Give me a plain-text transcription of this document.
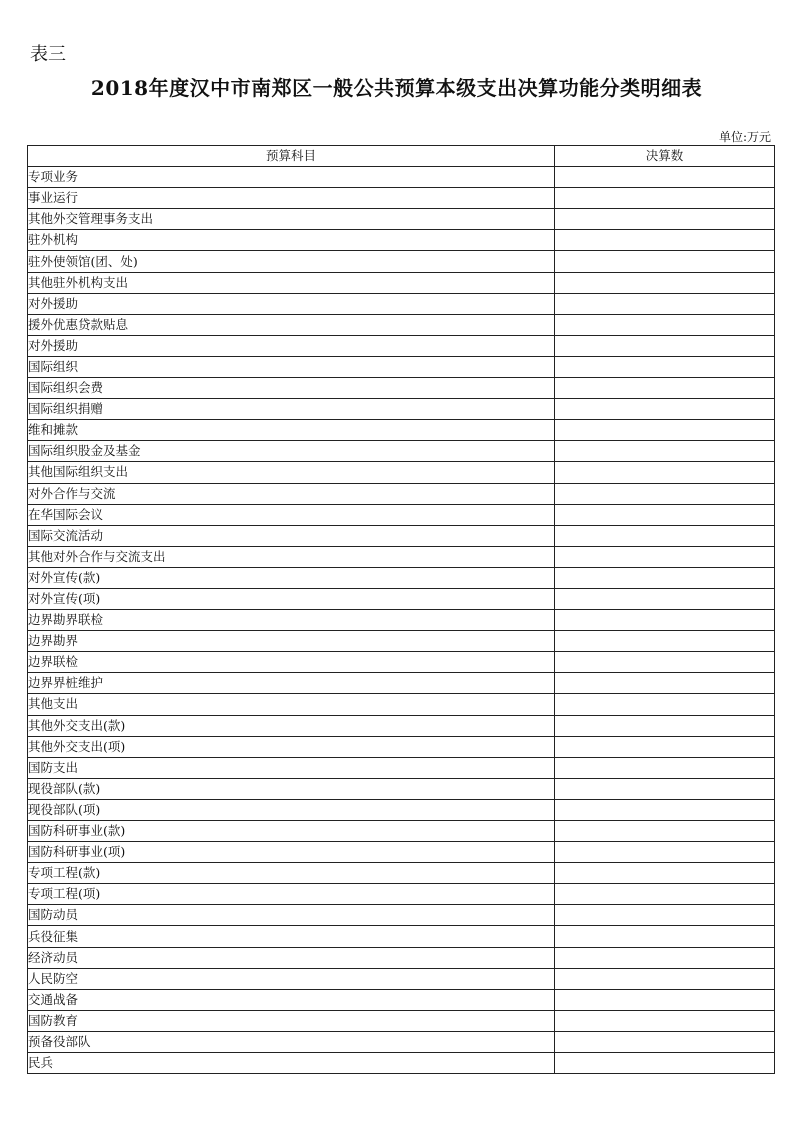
表三
2018年度汉中市南郑区一般公共预算本级支出决算功能分类明细表
单位:万元
预算科目	决算数
专项业务	
事业运行	
其他外交管理事务支出	
驻外机构	
驻外使领馆(团、处)	
其他驻外机构支出	
对外援助	
援外优惠贷款贴息	
对外援助	
国际组织	
国际组织会费	
国际组织捐赠	
维和摊款	
国际组织股金及基金	
其他国际组织支出	
对外合作与交流	
在华国际会议	
国际交流活动	
其他对外合作与交流支出	
对外宣传(款)	
对外宣传(项)	
边界勘界联检	
边界勘界	
边界联检	
边界界桩维护	
其他支出	
其他外交支出(款)	
其他外交支出(项)	
国防支出	
现役部队(款)	
现役部队(项)	
国防科研事业(款)	
国防科研事业(项)	
专项工程(款)	
专项工程(项)	
国防动员	
兵役征集	
经济动员	
人民防空	
交通战备	
国防教育	
预备役部队	
民兵	
